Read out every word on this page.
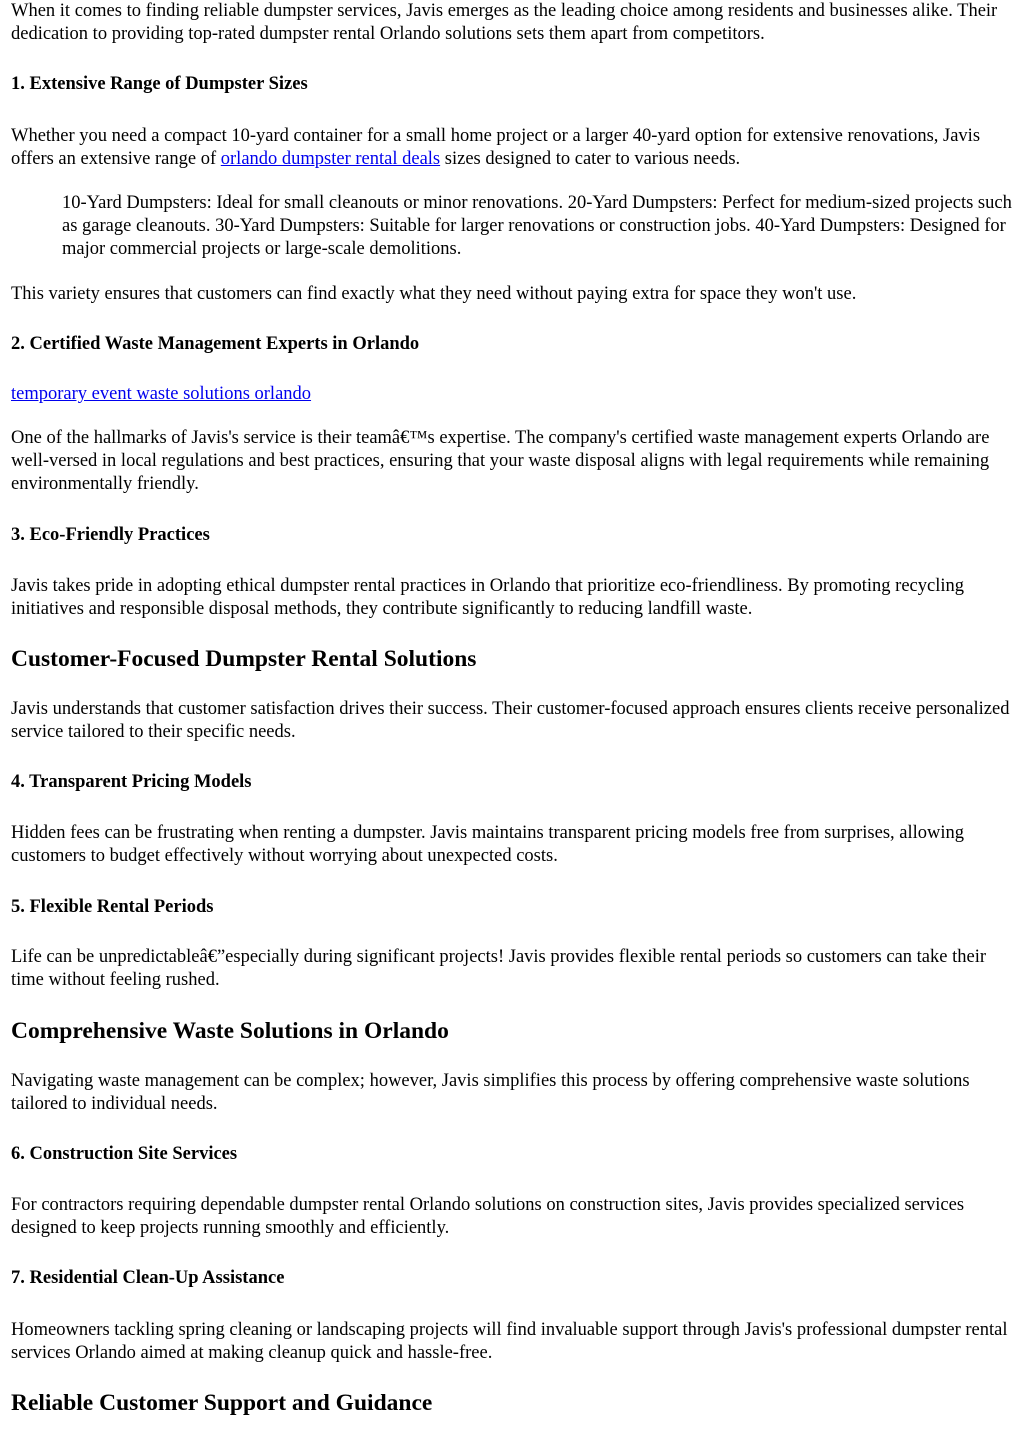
When it comes to finding reliable dumpster services, Javis emerges as the leading choice among residents and businesses alike. Their dedication to providing top-rated dumpster rental Orlando solutions sets them apart from competitors.

1. Extensive Range of Dumpster Sizes

Whether you need a compact 10-yard container for a small home project or a larger 40-yard option for extensive renovations, Javis offers an extensive range of orlando dumpster rental deals sizes designed to cater to various needs.

10-Yard Dumpsters: Ideal for small cleanouts or minor renovations. 20-Yard Dumpsters: Perfect for medium-sized projects such as garage cleanouts. 30-Yard Dumpsters: Suitable for larger renovations or construction jobs. 40-Yard Dumpsters: Designed for major commercial projects or large-scale demolitions.

This variety ensures that customers can find exactly what they need without paying extra for space they won't use.

2. Certified Waste Management Experts in Orlando

temporary event waste solutions orlando

One of the hallmarks of Javis's service is their teamâ€™s expertise. The company's certified waste management experts Orlando are well-versed in local regulations and best practices, ensuring that your waste disposal aligns with legal requirements while remaining environmentally friendly.

3. Eco-Friendly Practices

Javis takes pride in adopting ethical dumpster rental practices in Orlando that prioritize eco-friendliness. By promoting recycling initiatives and responsible disposal methods, they contribute significantly to reducing landfill waste.

Customer-Focused Dumpster Rental Solutions

Javis understands that customer satisfaction drives their success. Their customer-focused approach ensures clients receive personalized service tailored to their specific needs.

4. Transparent Pricing Models

Hidden fees can be frustrating when renting a dumpster. Javis maintains transparent pricing models free from surprises, allowing customers to budget effectively without worrying about unexpected costs.

5. Flexible Rental Periods

Life can be unpredictableâ€”especially during significant projects! Javis provides flexible rental periods so customers can take their time without feeling rushed.

Comprehensive Waste Solutions in Orlando

Navigating waste management can be complex; however, Javis simplifies this process by offering comprehensive waste solutions tailored to individual needs.

6. Construction Site Services

For contractors requiring dependable dumpster rental Orlando solutions on construction sites, Javis provides specialized services designed to keep projects running smoothly and efficiently.

7. Residential Clean-Up Assistance

Homeowners tackling spring cleaning or landscaping projects will find invaluable support through Javis's professional dumpster rental services Orlando aimed at making cleanup quick and hassle-free.

Reliable Customer Support and Guidance
